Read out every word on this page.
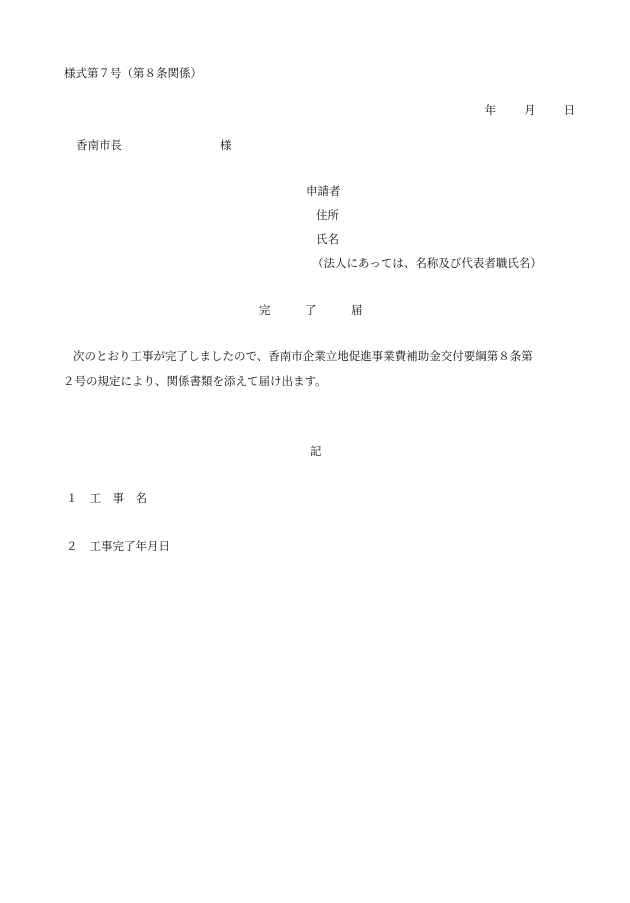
様式第７号（第８条関係）

年 月 日

香南市長	様
申請者
住所
氏名
（法人にあっては、名称及び代表者職氏名）
完　　　了　　　届
次のとおり工事が完了しましたので、香南市企業立地促進事業費補助金交付要綱第８条第
２号の規定により、関係書類を添えて届け出ます。
記
１ 工　事　名
２ 工事完了年月日
